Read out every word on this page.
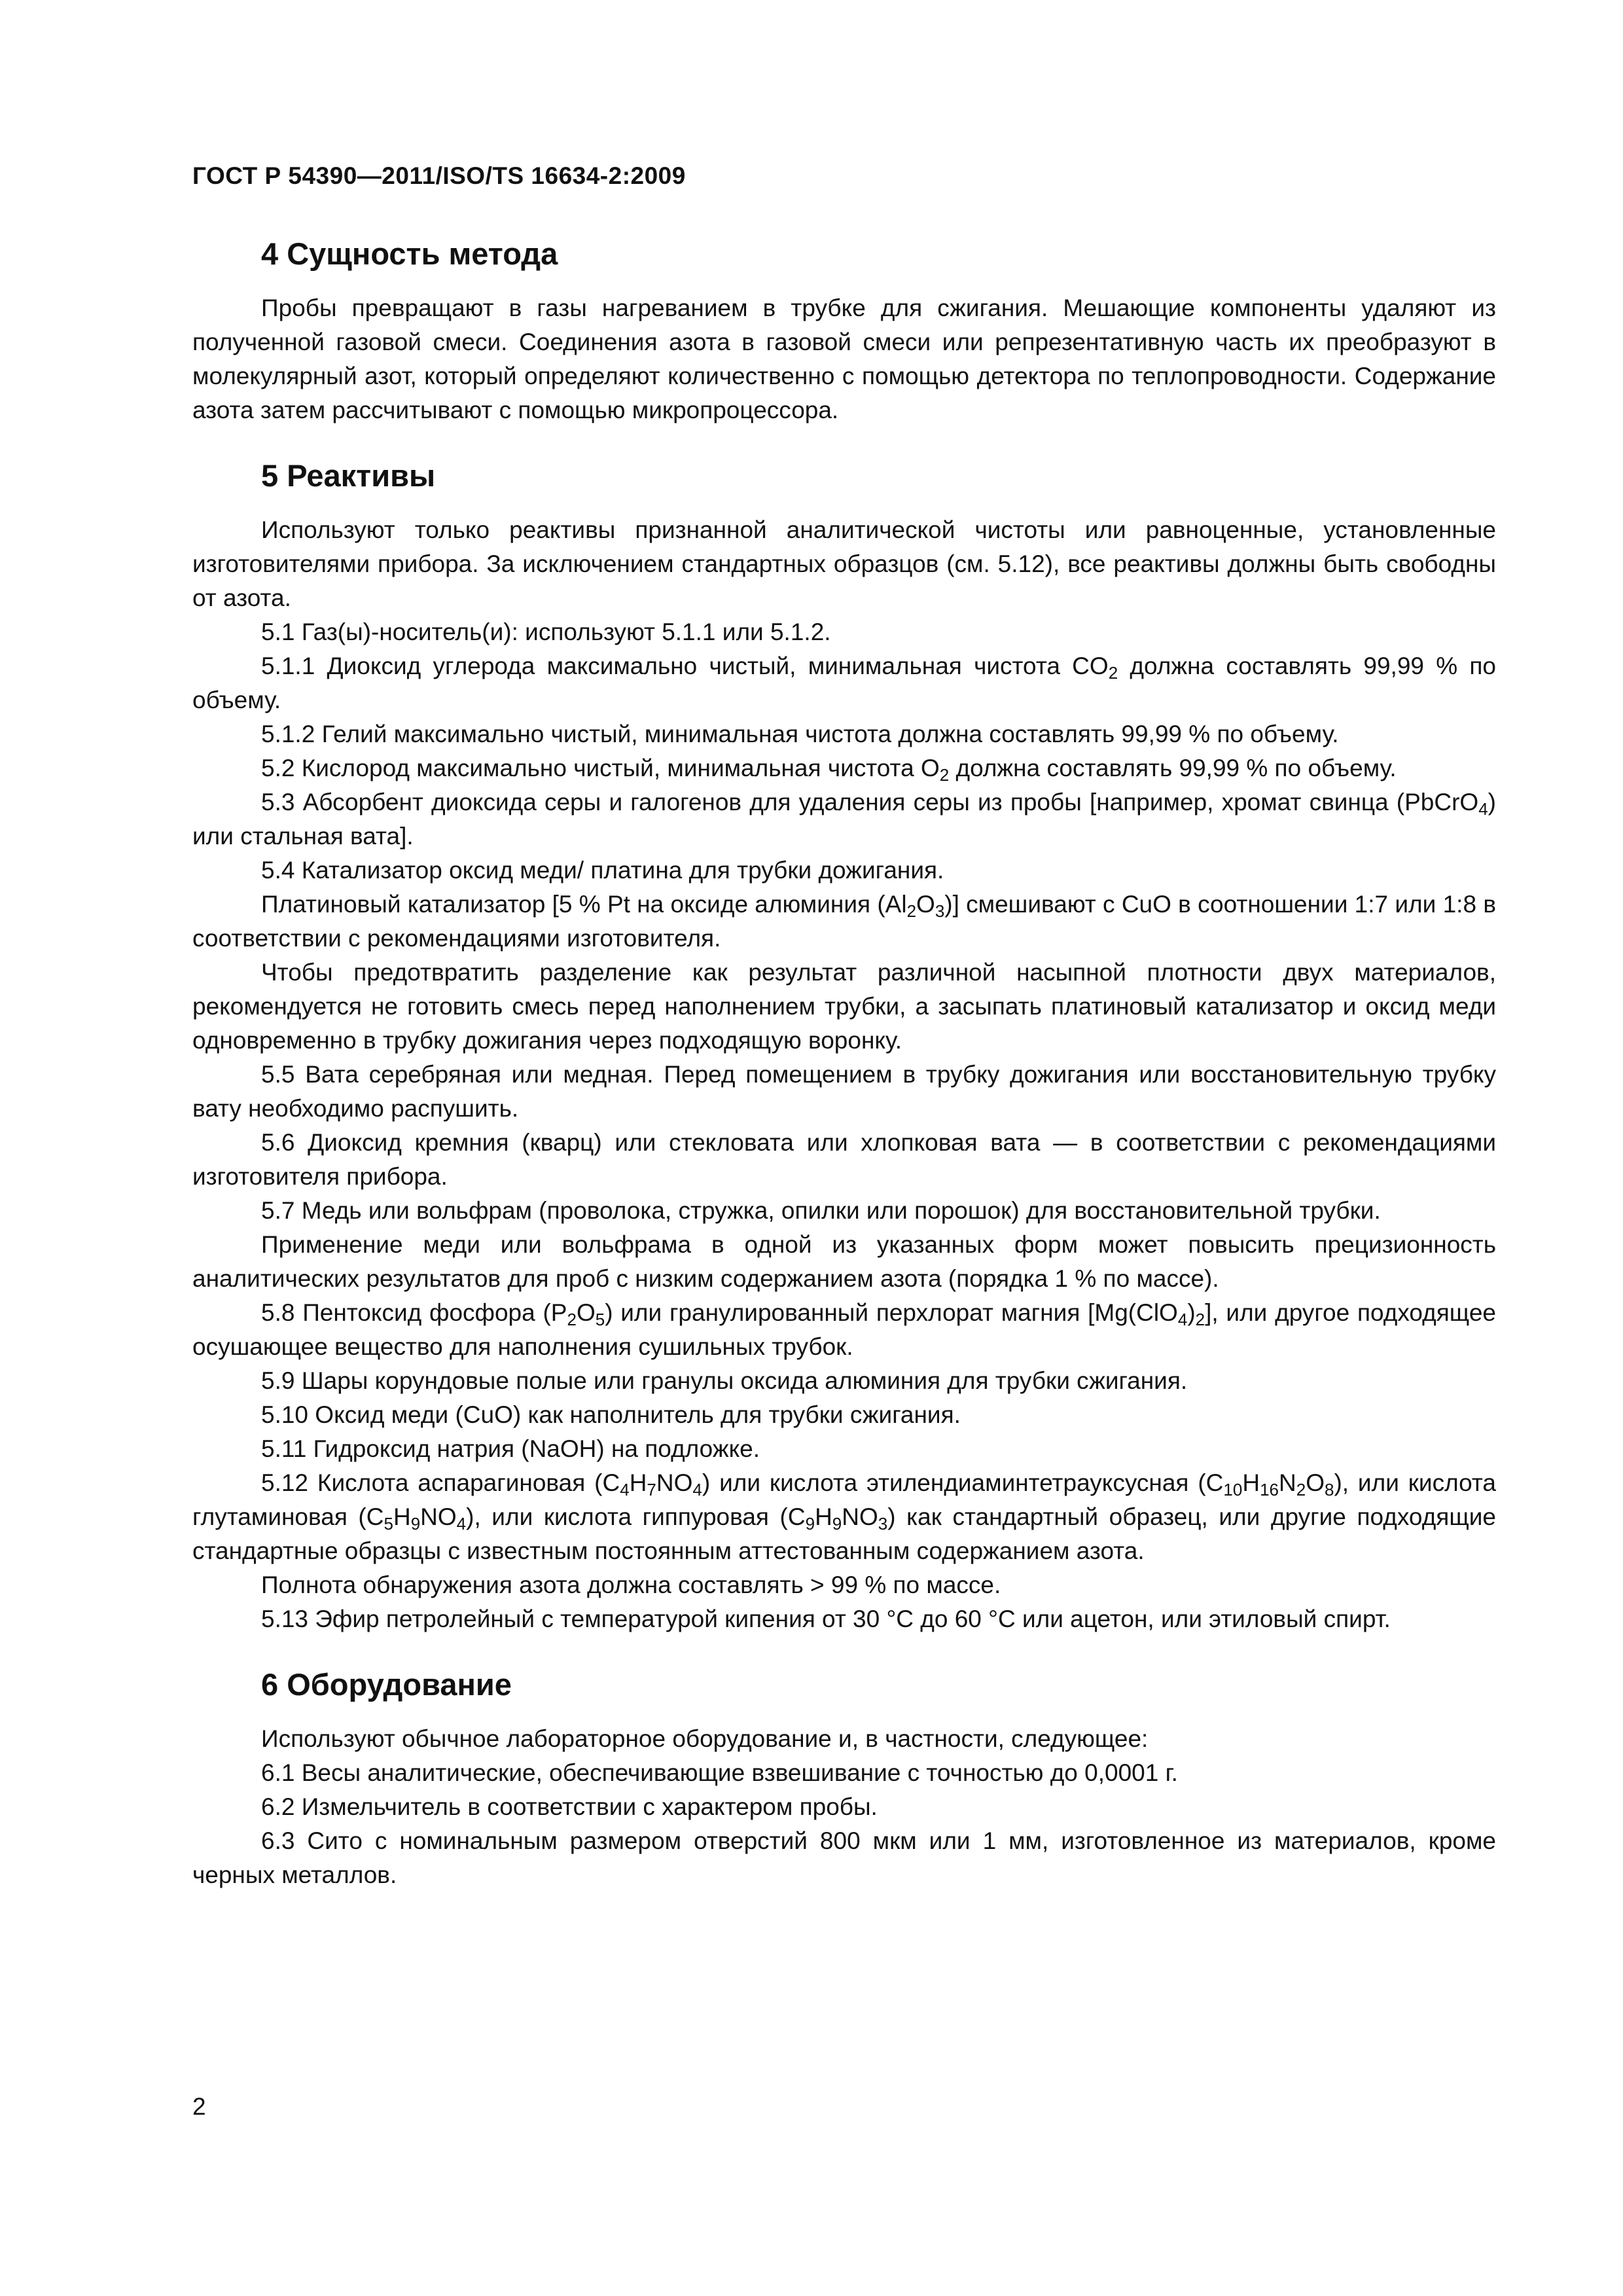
ГОСТ Р 54390—2011/ISO/TS 16634-2:2009
4 Сущность метода

Пробы превращают в газы нагреванием в трубке для сжигания. Мешающие компоненты удаляют из полученной газовой смеси. Соединения азота в газовой смеси или репрезентативную часть их преобразуют в молекулярный азот, который определяют количественно с помощью детектора по теплопроводности. Содержание азота затем рассчитывают с помощью микропроцессора.

5 Реактивы

Используют только реактивы признанной аналитической чистоты или равноценные, установленные изготовителями прибора. За исключением стандартных образцов (см. 5.12), все реактивы должны быть свободны от азота.

5.1 Газ(ы)-носитель(и): используют 5.1.1 или 5.1.2.

5.1.1 Диоксид углерода максимально чистый, минимальная чистота $CO_2$ должна составлять 99,99 % по объему.

5.1.2 Гелий максимально чистый, минимальная чистота должна составлять 99,99 % по объему.

5.2 Кислород максимально чистый, минимальная чистота $O_2$ должна составлять 99,99 % по объему.

5.3 Абсорбент диоксида серы и галогенов для удаления серы из пробы [например, хромат свинца (PbCrO$_4$) или стальная вата].

5.4 Катализатор оксид меди/ платина для трубки дожигания.

Платиновый катализатор [5 % Pt на оксиде алюминия $(Al_2O_3)$] смешивают с CuO в соотношении 1:7 или 1:8 в соответствии с рекомендациями изготовителя.

Чтобы предотвратить разделение как результат различной насыпной плотности двух материалов, рекомендуется не готовить смесь перед наполнением трубки, а засыпать платиновый катализатор и оксид меди одновременно в трубку дожигания через подходящую воронку.

5.5 Вата серебряная или медная. Перед помещением в трубку дожигания или восстановительную трубку вату необходимо распушить.

5.6 Диоксид кремния (кварц) или стекловата или хлопковая вата — в соответствии с рекомендациями изготовителя прибора.

5.7 Медь или вольфрам (проволока, стружка, опилки или порошок) для восстановительной трубки.

Применение меди или вольфрама в одной из указанных форм может повысить прецизионность аналитических результатов для проб с низким содержанием азота (порядка 1 % по массе).

5.8 Пентоксид фосфора $(P_2O_5)$ или гранулированный перхлорат магния $[Mg(ClO_4)_2]$, или другое подходящее осушающее вещество для наполнения сушильных трубок.

5.9 Шары корундовые полые или гранулы оксида алюминия для трубки сжигания.

5.10 Оксид меди (CuO) как наполнитель для трубки сжигания.

5.11 Гидроксид натрия (NaOH) на подложке.

5.12 Кислота аспарагиновая $(C_4H_7NO_4)$ или кислота этилендиаминтетрауксусная $(C_{10}H_{16}N_2O_8)$, или кислота глутаминовая $(C_5H_9NO_4)$, или кислота гиппуровая $(C_9H_9NO_3)$ как стандартный образец, или другие подходящие стандартные образцы с известным постоянным аттестованным содержанием азота.

Полнота обнаружения азота должна составлять > 99 % по массе.

5.13 Эфир петролейный с температурой кипения от 30 °С до 60 °С или ацетон, или этиловый спирт.

6 Оборудование

Используют обычное лабораторное оборудование и, в частности, следующее:

6.1 Весы аналитические, обеспечивающие взвешивание с точностью до 0,0001 г.

6.2 Измельчитель в соответствии с характером пробы.

6.3 Сито с номинальным размером отверстий 800 мкм или 1 мм, изготовленное из материалов, кроме черных металлов.

2
